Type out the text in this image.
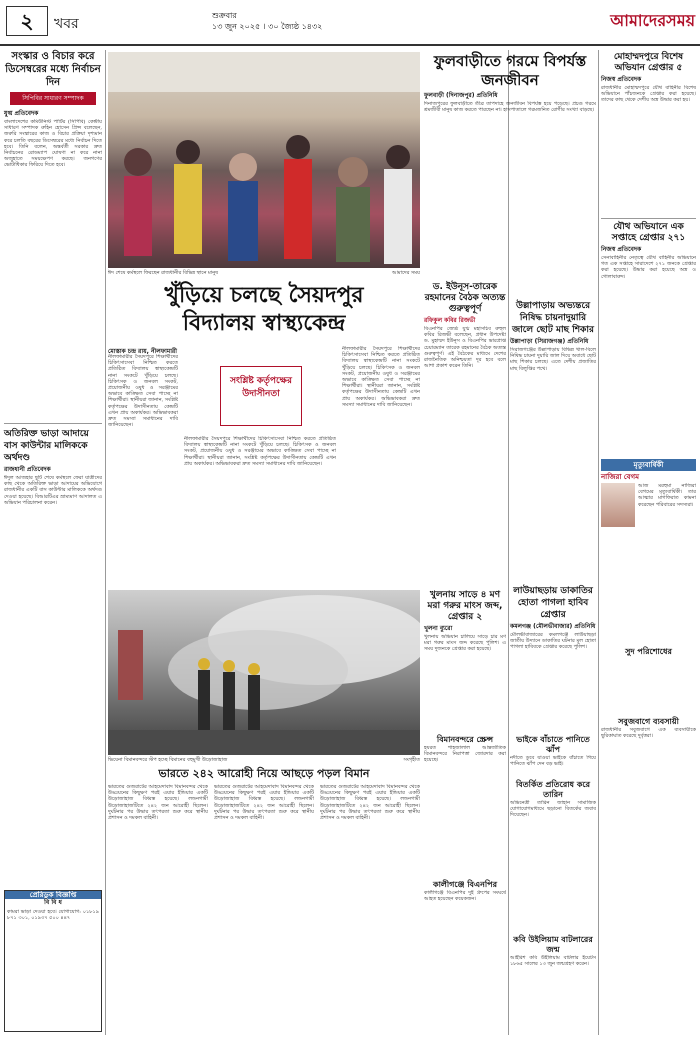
২	খবর
শুক্রবার
১৩ জুন ২০২৫ । ৩০ জ্যৈষ্ঠ ১৪৩২	আমাদেরসময়
সংস্কার ও বিচার করে ডিসেম্বরের মধ্যে নির্বাচন দিন
সিপিবির সাধারণ সম্পাদক
যুগ্ম প্রতিবেদক
বাংলাদেশের কমিউনিস্ট পার্টির (সিপিবি) কেন্দ্রীয় সাধারণ সম্পাদক রুহিন হোসেন প্রিন্স বলেছেন, জরুরি সংস্কারের কাজ ও বিচার প্রক্রিয়া দৃশ্যমান করে চলতি বছরের ডিসেম্বরের মধ্যে নির্বাচন দিতে হবে। তিনি বলেন, অন্তর্বর্তী সরকার দ্রুত নির্বাচনের রোডম্যাপ ঘোষণা না করে নানা অজুহাতে সময়ক্ষেপণ করছে। জনগণের ভোটাধিকার ফিরিয়ে দিতে হবে।
অতিরিক্ত ভাড়া আদায়ে বাস কাউন্টার মালিককে অর্থদণ্ড
রাজধানী প্রতিবেদক
ঈদুল আজহার ছুটি শেষে কর্মস্থলে ফেরা যাত্রীদের কাছ থেকে অতিরিক্ত ভাড়া আদায়ের অভিযোগে রাজধানীর একটি বাস কাউন্টার মালিককে অর্থদণ্ড দেওয়া হয়েছে। বিআরটিএর ভ্রাম্যমাণ আদালত এ অভিযান পরিচালনা করেন।
প্রেরিডুক বিজ্ঞপ্তি
বি বি ধ
কামরা ভাড়া দেওয়া হবে। যোগাযোগ: ০১৮১৯ ৮৭১ ৩০১, ০১৯৩৭ ৫০০ ৪৪৭
ঈদ শেষে কর্মস্থলে ফিরছেন রাজধানীর বিভিন্ন স্থানে মানুষ	আমাদের সময়
খুঁড়িয়ে চলছে সৈয়দপুর
বিদ্যালয় স্বাস্থ্যকেন্দ্র
মোস্তাক চন্দ্র রায়, নীলফামারী
নীলফামারীর সৈয়দপুরে শিক্ষার্থীদের চিকিৎসাসেবা নিশ্চিত করতে প্রতিষ্ঠিত বিদ্যালয় স্বাস্থ্যকেন্দ্রটি নানা সংকটে খুঁড়িয়ে চলছে। চিকিৎসক ও জনবল সংকট, প্রয়োজনীয় ওষুধ ও সরঞ্জামের অভাবে কাঙ্ক্ষিত সেবা পাচ্ছে না শিক্ষার্থীরা। স্থানীয়রা জানান, সংশ্লিষ্ট কর্তৃপক্ষের উদাসীনতায় কেন্দ্রটি এখন প্রায় অকার্যকর। অভিভাবকরা দ্রুত সমস্যা সমাধানের দাবি জানিয়েছেন।
সংশ্লিষ্ট কর্তৃপক্ষের উদাসীনতা
নীলফামারীর সৈয়দপুরে শিক্ষার্থীদের চিকিৎসাসেবা নিশ্চিত করতে প্রতিষ্ঠিত বিদ্যালয় স্বাস্থ্যকেন্দ্রটি নানা সংকটে খুঁড়িয়ে চলছে। চিকিৎসক ও জনবল সংকট, প্রয়োজনীয় ওষুধ ও সরঞ্জামের অভাবে কাঙ্ক্ষিত সেবা পাচ্ছে না শিক্ষার্থীরা। স্থানীয়রা জানান, সংশ্লিষ্ট কর্তৃপক্ষের উদাসীনতায় কেন্দ্রটি এখন প্রায় অকার্যকর। অভিভাবকরা দ্রুত সমস্যা সমাধানের দাবি জানিয়েছেন।
নীলফামারীর সৈয়দপুরে শিক্ষার্থীদের চিকিৎসাসেবা নিশ্চিত করতে প্রতিষ্ঠিত বিদ্যালয় স্বাস্থ্যকেন্দ্রটি নানা সংকটে খুঁড়িয়ে চলছে। চিকিৎসক ও জনবল সংকট, প্রয়োজনীয় ওষুধ ও সরঞ্জামের অভাবে কাঙ্ক্ষিত সেবা পাচ্ছে না শিক্ষার্থীরা। স্থানীয়রা জানান, সংশ্লিষ্ট কর্তৃপক্ষের উদাসীনতায় কেন্দ্রটি এখন প্রায় অকার্যকর। অভিভাবকরা দ্রুত সমস্যা সমাধানের দাবি জানিয়েছেন।
ড. ইউনূস-তারেক রহমানের বৈঠক অত্যন্ত গুরুত্বপূর্ণ
রফিকুল কবির রিজভী
বিএনপির জ্যেষ্ঠ যুগ্ম মহাসচিব রুহুল কবির রিজভী বলেছেন, প্রধান উপদেষ্টা ড. মুহাম্মদ ইউনূস ও বিএনপির ভারপ্রাপ্ত চেয়ারম্যান তারেক রহমানের বৈঠক অত্যন্ত গুরুত্বপূর্ণ। এই বৈঠকের মাধ্যমে দেশের রাজনৈতিক অনিশ্চয়তা দূর হবে বলে আশা প্রকাশ করেন তিনি।
ফুলবাড়ীতে গরমে বিপর্যস্ত জনজীবন
ফুলবাড়ী (দিনাজপুর) প্রতিনিধি
দিনাজপুরের ফুলবাড়ীতে তীব্র তাপদাহে জনজীবন বিপর্যস্ত হয়ে পড়েছে। প্রচণ্ড গরমে শ্রমজীবী মানুষ কাজ করতে পারছেন না। হাসপাতালে গরমজনিত রোগীর সংখ্যা বাড়ছে।
উল্লাপাড়ায় অভ্যন্তরে নিষিদ্ধ চায়নাদুয়ারি জালে ছোট মাছ শিকার
উল্লাপাড়া (সিরাজগঞ্জ) প্রতিনিধি
সিরাজগঞ্জের উল্লাপাড়ায় বিভিন্ন খাল-বিলে নিষিদ্ধ চায়না দুয়ারি জাল দিয়ে অবাধে ছোট মাছ শিকার চলছে। এতে দেশীয় প্রজাতির মাছ বিলুপ্তির পথে।
খুলনায় সাড়ে ৪ মণ মরা গরুর মাংস জব্দ, গ্রেপ্তার ২
খুলনা ব্যুরো
খুলনায় অভিযান চালিয়ে সাড়ে চার মণ মরা গরুর মাংস জব্দ করেছে পুলিশ। এ সময় দুজনকে গ্রেপ্তার করা হয়েছে।
লাউয়াছড়ায় ডাকাতির হোতা পাগলা হাবিব গ্রেপ্তার
কমলগঞ্জ (মৌলভীবাজার) প্রতিনিধি
মৌলভীবাজারের কমলগঞ্জে লাউয়াছড়া জাতীয় উদ্যানে ডাকাতির ঘটনার মূল হোতা পাগলা হাবিবকে গ্রেপ্তার করেছে পুলিশ।
ভাইকে বাঁচাতে পানিতে ঝাঁপ
নদীতে ডুবে যাওয়া ভাইকে বাঁচাতে গিয়ে পানিতে ঝাঁপ দেন বড় ভাই।
মোহাম্মদপুরে বিশেষ অভিযান গ্রেপ্তার ৫
নিজস্ব প্রতিবেদক
রাজধানীর মোহাম্মদপুরে যৌথ বাহিনীর বিশেষ অভিযানে পাঁচজনকে গ্রেপ্তার করা হয়েছে। তাদের কাছ থেকে দেশীয় অস্ত্র উদ্ধার করা হয়।
যৌথ অভিযানে এক সপ্তাহে গ্রেপ্তার ২৭১
নিজস্ব প্রতিবেদক
সেনাবাহিনীর নেতৃত্বে যৌথ বাহিনীর অভিযানে গত এক সপ্তাহে সারাদেশে ২৭১ জনকে গ্রেপ্তার করা হয়েছে। উদ্ধার করা হয়েছে অস্ত্র ও গোলাবারুদ।
মৃত্যুবার্ষিকী
নাজিরা বেগম
আজ মরহুমা নাজিরা বেগমের মৃত্যুবার্ষিকী। তার আত্মার মাগফিরাত কামনা করেছেন পরিবারের সদস্যরা।
সুদ পরিশোধের
সবুজবাগে ব্যবসায়ী
রাজধানীর সবুজবাগে এক ব্যবসায়ীকে ছুরিকাঘাত করেছে দুর্বৃত্তরা।
ভিয়েনা বিমানবন্দরে স্টপ হচ্ছে বিমানের বহুমুখী উড়োজাহাজ	সংগৃহীত
ভারতে ২৪২ আরোহী নিয়ে আছড়ে পড়ল বিমান
ভারতের গুজরাটের আহমেদাবাদ বিমানবন্দর থেকে উড্ডয়নের কিছুক্ষণ পরই এয়ার ইন্ডিয়ার একটি উড়োজাহাজ বিধ্বস্ত হয়েছে। লন্ডনগামী উড়োজাহাজটিতে ২৪২ জন আরোহী ছিলেন। দুর্ঘটনার পর উদ্ধার তৎপরতা শুরু করে স্থানীয় প্রশাসন ও দমকল বাহিনী।
ভারতের গুজরাটের আহমেদাবাদ বিমানবন্দর থেকে উড্ডয়নের কিছুক্ষণ পরই এয়ার ইন্ডিয়ার একটি উড়োজাহাজ বিধ্বস্ত হয়েছে। লন্ডনগামী উড়োজাহাজটিতে ২৪২ জন আরোহী ছিলেন। দুর্ঘটনার পর উদ্ধার তৎপরতা শুরু করে স্থানীয় প্রশাসন ও দমকল বাহিনী।
ভারতের গুজরাটের আহমেদাবাদ বিমানবন্দর থেকে উড্ডয়নের কিছুক্ষণ পরই এয়ার ইন্ডিয়ার একটি উড়োজাহাজ বিধ্বস্ত হয়েছে। লন্ডনগামী উড়োজাহাজটিতে ২৪২ জন আরোহী ছিলেন। দুর্ঘটনার পর উদ্ধার তৎপরতা শুরু করে স্থানীয় প্রশাসন ও দমকল বাহিনী।
বিমানবন্দরে স্ক্রেন্স
হযরত শাহজালাল আন্তর্জাতিক বিমানবন্দরে নিরাপত্তা জোরদার করা হয়েছে।
কালীগঞ্জে বিএনপির
কালীগঞ্জে বিএনপির দুই গ্রুপের সংঘর্ষে আহত হয়েছেন কয়েকজন।
বিতর্কিত প্রতিরোধ করে তারিন
অভিনেত্রী তারিন জাহান সামাজিক যোগাযোগমাধ্যমে ছড়ানো বিতর্কের জবাব দিয়েছেন।
কবি উইলিয়াম বাটলারের জন্ম
আইরিশ কবি উইলিয়াম বাটলার ইয়েটস ১৮৬৫ সালের ১৩ জুন জন্মগ্রহণ করেন।
